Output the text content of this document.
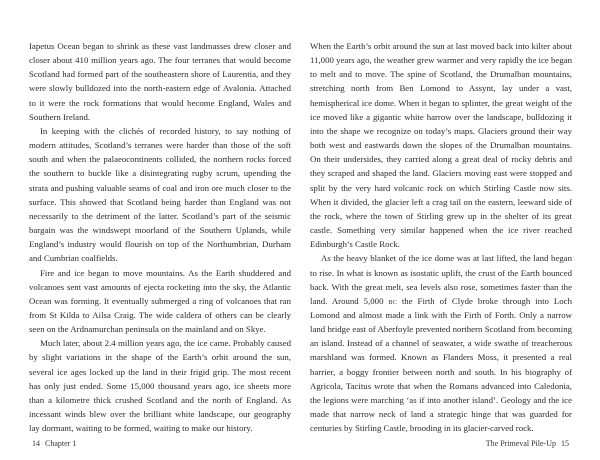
Iapetus Ocean began to shrink as these vast landmasses drew closer and closer about 410 million years ago. The four terranes that would become Scotland had formed part of the southeastern shore of Laurentia, and they were slowly bulldozed into the north-eastern edge of Avalonia. Attached to it were the rock formations that would become England, Wales and Southern Ireland.

In keeping with the clichés of recorded history, to say nothing of modern attitudes, Scotland’s terranes were harder than those of the soft south and when the palaeocontinents collided, the northern rocks forced the southern to buckle like a disintegrating rugby scrum, upending the strata and pushing valuable seams of coal and iron ore much closer to the surface. This showed that Scotland being harder than England was not necessarily to the detriment of the latter. Scotland’s part of the seismic bargain was the windswept moorland of the Southern Uplands, while England’s industry would flourish on top of the Northumbrian, Durham and Cumbrian coalfields.

Fire and ice began to move mountains. As the Earth shuddered and volcanoes sent vast amounts of ejecta rocketing into the sky, the Atlantic Ocean was forming. It eventually submerged a ring of volcanoes that ran from St Kilda to Ailsa Craig. The wide caldera of others can be clearly seen on the Ardnamurchan peninsula on the mainland and on Skye.

Much later, about 2.4 million years ago, the ice came. Probably caused by slight variations in the shape of the Earth’s orbit around the sun, several ice ages locked up the land in their frigid grip. The most recent has only just ended. Some 15,000 thousand years ago, ice sheets more than a kilometre thick crushed Scotland and the north of England. As incessant winds blew over the brilliant white landscape, our geography lay dormant, waiting to be formed, waiting to make our history.

14 Chapter 1

When the Earth’s orbit around the sun at last moved back into kilter about 11,000 years ago, the weather grew warmer and very rapidly the ice began to melt and to move. The spine of Scotland, the Drumalban mountains, stretching north from Ben Lomond to Assynt, lay under a vast, hemispherical ice dome. When it began to splinter, the great weight of the ice moved like a gigantic white harrow over the landscape, bulldozing it into the shape we recognize on today’s maps. Glaciers ground their way both west and eastwards down the slopes of the Drumalban mountains. On their undersides, they carried along a great deal of rocky debris and they scraped and shaped the land. Glaciers moving east were stopped and split by the very hard volcanic rock on which Stirling Castle now sits. When it divided, the glacier left a crag tail on the eastern, leeward side of the rock, where the town of Stirling grew up in the shelter of its great castle. Something very similar happened when the ice river reached Edinburgh’s Castle Rock.

As the heavy blanket of the ice dome was at last lifted, the land began to rise. In what is known as isostatic uplift, the crust of the Earth bounced back. With the great melt, sea levels also rose, sometimes faster than the land. Around 5,000 bc the Firth of Clyde broke through into Loch Lomond and almost made a link with the Firth of Forth. Only a narrow land bridge east of Aberfoyle prevented northern Scotland from becoming an island. Instead of a channel of seawater, a wide swathe of treacherous marshland was formed. Known as Flanders Moss, it presented a real barrier, a boggy frontier between north and south. In his biography of Agricola, Tacitus wrote that when the Romans advanced into Caledonia, the legions were marching ‘as if into another island’. Geology and the ice made that narrow neck of land a strategic hinge that was guarded for centuries by Stirling Castle, brooding in its glacier-carved rock.

The Primeval Pile-Up 15
